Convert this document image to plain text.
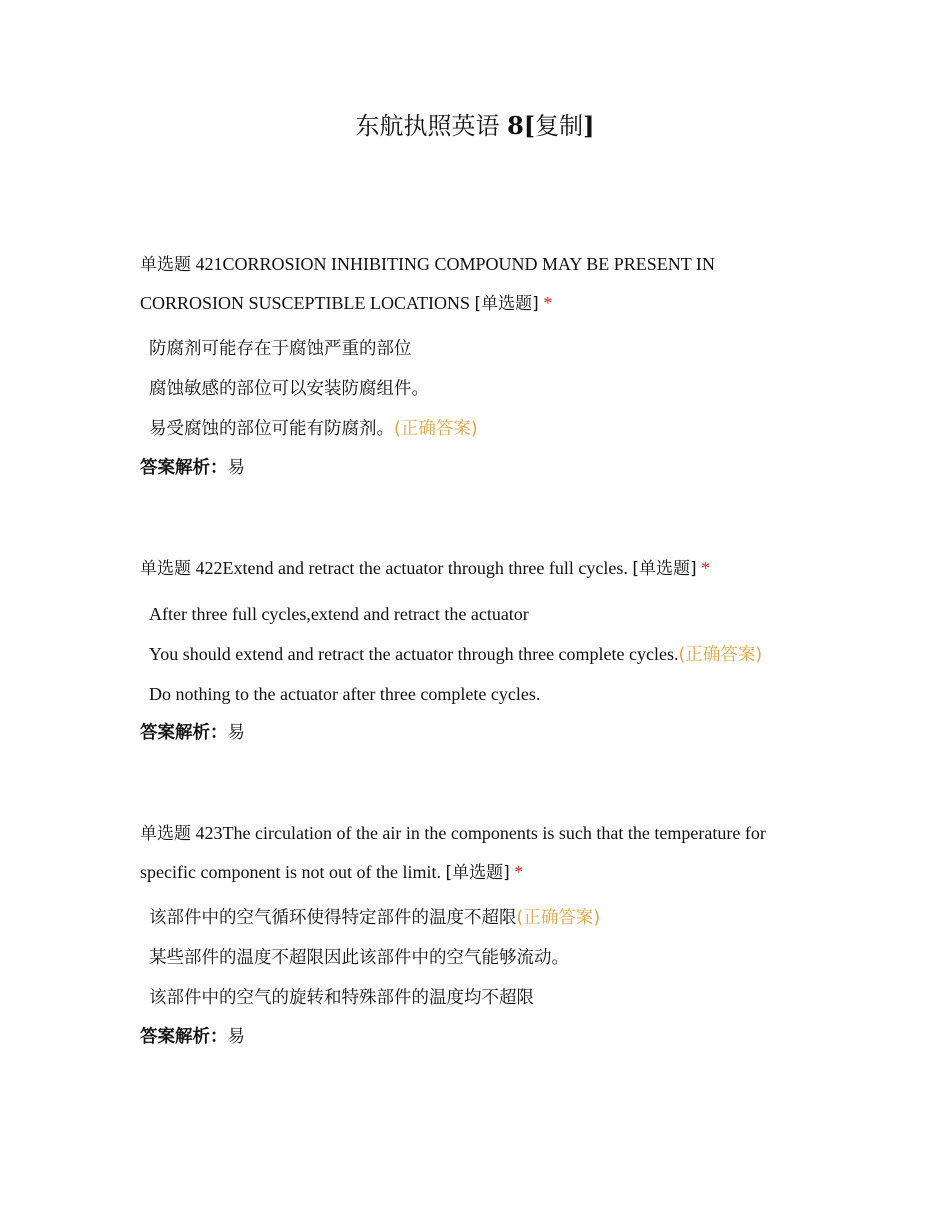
东航执照英语 8[复制]

单选题 421CORROSION INHIBITING COMPOUND MAY BE PRESENT IN CORROSION SUSCEPTIBLE LOCATIONS [单选题] *

防腐剂可能存在于腐蚀严重的部位
腐蚀敏感的部位可以安装防腐组件。
易受腐蚀的部位可能有防腐剂。(正确答案)

答案解析：易

单选题 422Extend and retract the actuator through three full cycles. [单选题] *

After three full cycles,extend and retract the actuator
You should extend and retract the actuator through three complete cycles.(正确答案)
Do nothing to the actuator after three complete cycles.

答案解析：易

单选题 423The circulation of the air in the components is such that the temperature for specific component is not out of the limit. [单选题] *

该部件中的空气循环使得特定部件的温度不超限(正确答案)
某些部件的温度不超限因此该部件中的空气能够流动。
该部件中的空气的旋转和特殊部件的温度均不超限

答案解析：易
